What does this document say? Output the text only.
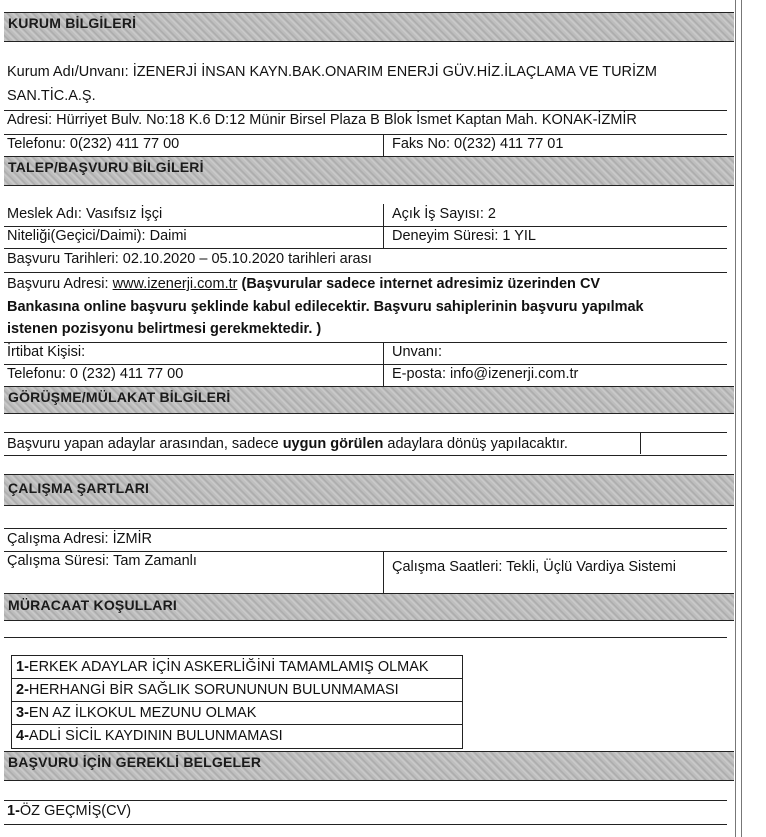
KURUM BİLGİLERİ
Kurum Adı/Unvanı: İZENERJİ İNSAN KAYN.BAK.ONARIM ENERJİ GÜV.HİZ.İLAÇLAMA VE TURİZM
SAN.TİC.A.Ş.
Adresi: Hürriyet Bulv. No:18 K.6 D:12 Münir Birsel Plaza B Blok İsmet Kaptan Mah. KONAK-İZMİR
Telefonu: 0(232) 411 77 00	Faks No: 0(232) 411 77 01
TALEP/BAŞVURU BİLGİLERİ
Meslek Adı: Vasıfsız İşçi	Açık İş Sayısı: 2
Niteliği(Geçici/Daimi): Daimi	Deneyim Süresi: 1 YIL
Başvuru Tarihleri: 02.10.2020 – 05.10.2020 tarihleri arası
Başvuru Adresi: www.izenerji.com.tr (Başvurular sadece internet adresimiz üzerinden CV
Bankasına online başvuru şeklinde kabul edilecektir. Başvuru sahiplerinin başvuru yapılmak
istenen pozisyonu belirtmesi gerekmektedir. )
İrtibat Kişisi:	Unvanı:
Telefonu: 0 (232) 411 77 00	E-posta: info@izenerji.com.tr
GÖRÜŞME/MÜLAKAT BİLGİLERİ
Başvuru yapan adaylar arasından, sadece uygun görülen adaylara dönüş yapılacaktır.
ÇALIŞMA ŞARTLARI
Çalışma Adresi: İZMİR
Çalışma Süresi: Tam Zamanlı	Çalışma Saatleri: Tekli, Üçlü Vardiya Sistemi
MÜRACAAT KOŞULLARI
1-ERKEK ADAYLAR İÇİN ASKERLİĞİNİ TAMAMLAMIŞ OLMAK
2-HERHANGİ BİR SAĞLIK SORUNUNUN BULUNMAMASI
3-EN AZ İLKOKUL MEZUNU OLMAK
4-ADLİ SİCİL KAYDININ BULUNMAMASI
BAŞVURU İÇİN GEREKLİ BELGELER
1-ÖZ GEÇMİŞ(CV)
